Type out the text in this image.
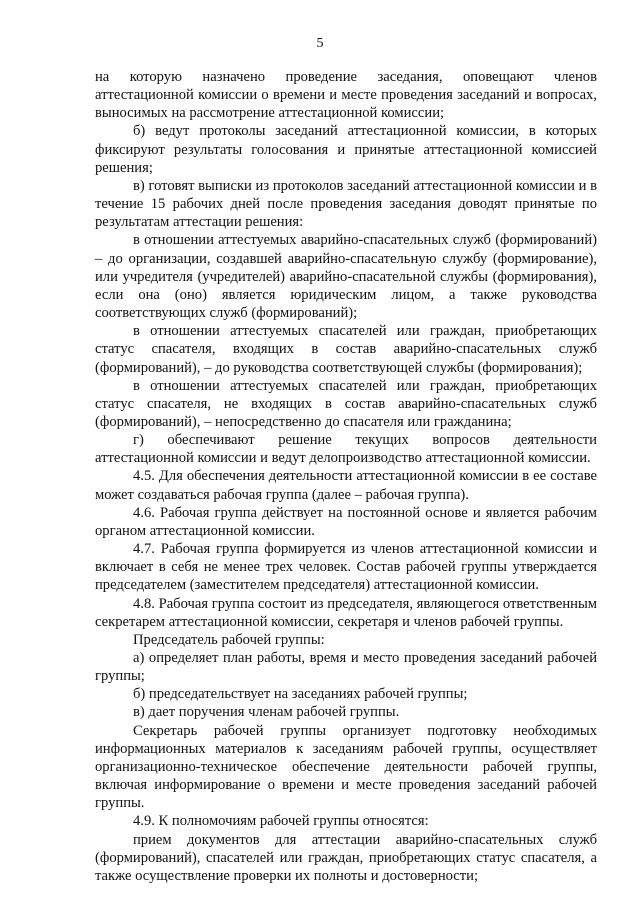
5

на которую назначено проведение заседания, оповещают членов аттестационной комиссии о времени и месте проведения заседаний и вопросах, выносимых на рассмотрение аттестационной комиссии;

б) ведут протоколы заседаний аттестационной комиссии, в которых фиксируют результаты голосования и принятые аттестационной комиссией решения;

в) готовят выписки из протоколов заседаний аттестационной комиссии и в течение 15 рабочих дней после проведения заседания доводят принятые по результатам аттестации решения:

в отношении аттестуемых аварийно-спасательных служб (формирований) – до организации, создавшей аварийно-спасательную службу (формирование), или учредителя (учредителей) аварийно-спасательной службы (формирования), если она (оно) является юридическим лицом, а также руководства соответствующих служб (формирований);

в отношении аттестуемых спасателей или граждан, приобретающих статус спасателя, входящих в состав аварийно-спасательных служб (формирований), – до руководства соответствующей службы (формирования);

в отношении аттестуемых спасателей или граждан, приобретающих статус спасателя, не входящих в состав аварийно-спасательных служб (формирований), – непосредственно до спасателя или гражданина;

г) обеспечивают решение текущих вопросов деятельности аттестационной комиссии и ведут делопроизводство аттестационной комиссии.

4.5. Для обеспечения деятельности аттестационной комиссии в ее составе может создаваться рабочая группа (далее – рабочая группа).

4.6. Рабочая группа действует на постоянной основе и является рабочим органом аттестационной комиссии.

4.7. Рабочая группа формируется из членов аттестационной комиссии и включает в себя не менее трех человек. Состав рабочей группы утверждается председателем (заместителем председателя) аттестационной комиссии.

4.8. Рабочая группа состоит из председателя, являющегося ответственным секретарем аттестационной комиссии, секретаря и членов рабочей группы.

Председатель рабочей группы:

а) определяет план работы, время и место проведения заседаний рабочей группы;

б) председательствует на заседаниях рабочей группы;

в) дает поручения членам рабочей группы.

Секретарь рабочей группы организует подготовку необходимых информационных материалов к заседаниям рабочей группы, осуществляет организационно-техническое обеспечение деятельности рабочей группы, включая информирование о времени и месте проведения заседаний рабочей группы.

4.9. К полномочиям рабочей группы относятся:

прием документов для аттестации аварийно-спасательных служб (формирований), спасателей или граждан, приобретающих статус спасателя, а также осуществление проверки их полноты и достоверности;
